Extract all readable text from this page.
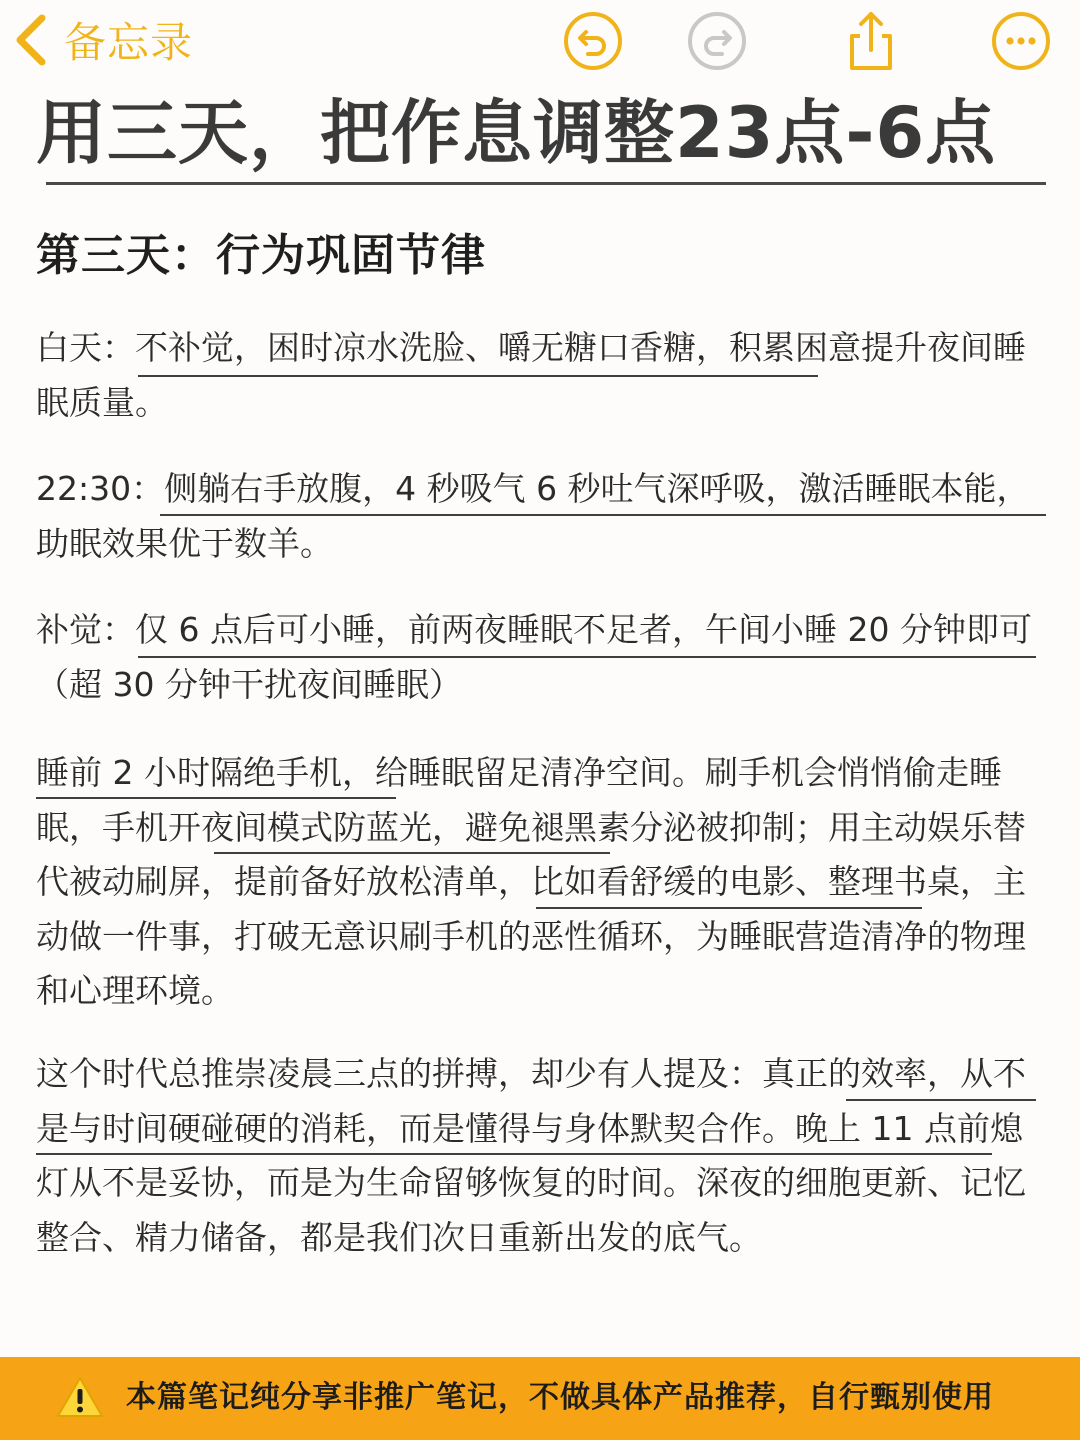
备忘录
用三天，把作息调整23点-6点
第三天：行为巩固节律
白天：不补觉，困时凉水洗脸、嚼无糖口香糖，积累困意提升夜间睡眠质量。
22:30：侧躺右手放腹，4 秒吸气 6 秒吐气深呼吸，激活睡眠本能，助眠效果优于数羊。
补觉：仅 6 点后可小睡，前两夜睡眠不足者，午间小睡 20 分钟即可（超 30 分钟干扰夜间睡眠）
睡前 2 小时隔绝手机，给睡眠留足清净空间。刷手机会悄悄偷走睡眠，手机开夜间模式防蓝光，避免褪黑素分泌被抑制；用主动娱乐替代被动刷屏，提前备好放松清单，比如看舒缓的电影、整理书桌，主动做一件事，打破无意识刷手机的恶性循环，为睡眠营造清净的物理和心理环境。
这个时代总推崇凌晨三点的拼搏，却少有人提及：真正的效率，从不是与时间硬碰硬的消耗，而是懂得与身体默契合作。晚上 11 点前熄灯从不是妥协，而是为生命留够恢复的时间。深夜的细胞更新、记忆整合、精力储备，都是我们次日重新出发的底气。
本篇笔记纯分享非推广笔记，不做具体产品推荐，自行甄别使用
